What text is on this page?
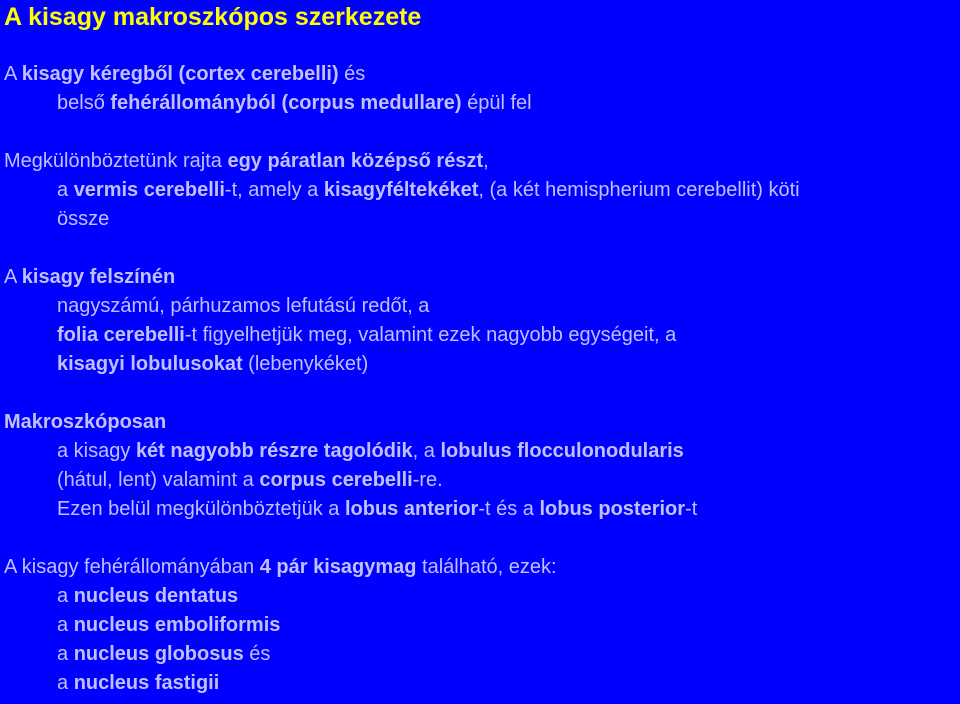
A kisagy makroszkópos szerkezete

A kisagy kéregből (cortex cerebelli) és

belső fehérállományból (corpus medullare) épül fel

Megkülönböztetünk rajta egy páratlan középső részt,

a vermis cerebelli-t, amely a kisagyféltekéket, (a két hemispherium cerebellit) köti

össze

A kisagy felszínén

nagyszámú, párhuzamos lefutású redőt, a

folia cerebelli-t figyelhetjük meg, valamint ezek nagyobb egységeit, a

kisagyi lobulusokat (lebenykéket)

Makroszkóposan

a kisagy két nagyobb részre tagolódik, a lobulus flocculonodularis

(hátul, lent) valamint a corpus cerebelli-re.

Ezen belül megkülönböztetjük a lobus anterior-t és a lobus posterior-t

A kisagy fehérállományában 4 pár kisagymag található, ezek:

a nucleus dentatus

a nucleus emboliformis

a nucleus globosus és

a nucleus fastigii
